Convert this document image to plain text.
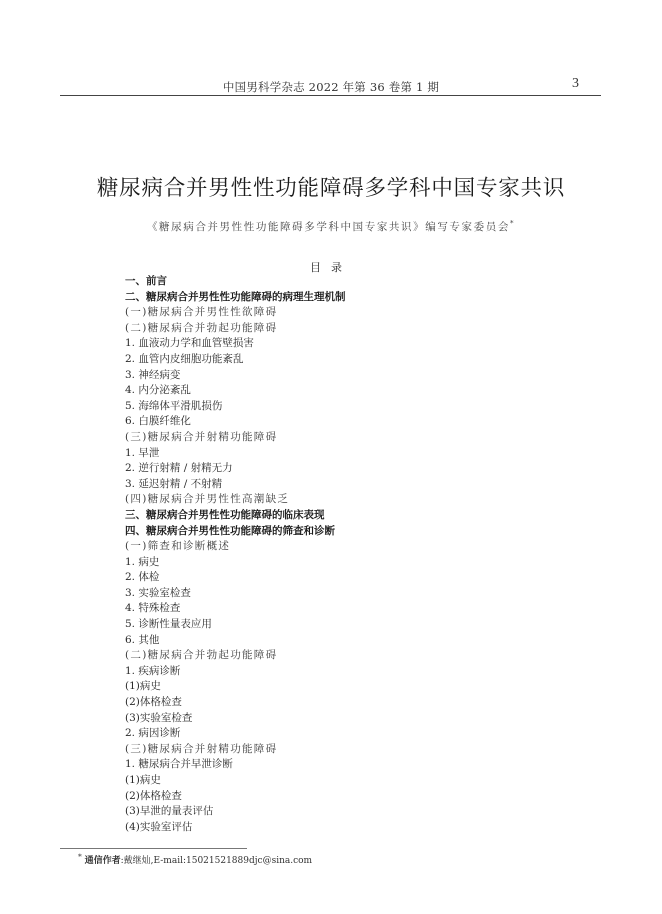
中国男科学杂志 2022 年第 36 卷第 1 期	3
糖尿病合并男性性功能障碍多学科中国专家共识
《糖尿病合并男性性功能障碍多学科中国专家共识》编写专家委员会*
目录
一、前言
二、糖尿病合并男性性功能障碍的病理生理机制
(一)糖尿病合并男性性欲障碍
(二)糖尿病合并勃起功能障碍
1. 血液动力学和血管壁损害
2. 血管内皮细胞功能紊乱
3. 神经病变
4. 内分泌紊乱
5. 海绵体平滑肌损伤
6. 白膜纤维化
(三)糖尿病合并射精功能障碍
1. 早泄
2. 逆行射精 / 射精无力
3. 延迟射精 / 不射精
(四)糖尿病合并男性性高潮缺乏
三、糖尿病合并男性性功能障碍的临床表现
四、糖尿病合并男性性功能障碍的筛查和诊断
(一)筛查和诊断概述
1. 病史
2. 体检
3. 实验室检查
4. 特殊检查
5. 诊断性量表应用
6. 其他
(二)糖尿病合并勃起功能障碍
1. 疾病诊断
(1)病史
(2)体格检查
(3)实验室检查
2. 病因诊断
(三)糖尿病合并射精功能障碍
1. 糖尿病合并早泄诊断
(1)病史
(2)体格检查
(3)早泄的量表评估
(4)实验室评估
* 通信作者:戴继灿,E-mail:15021521889djc@sina.com
